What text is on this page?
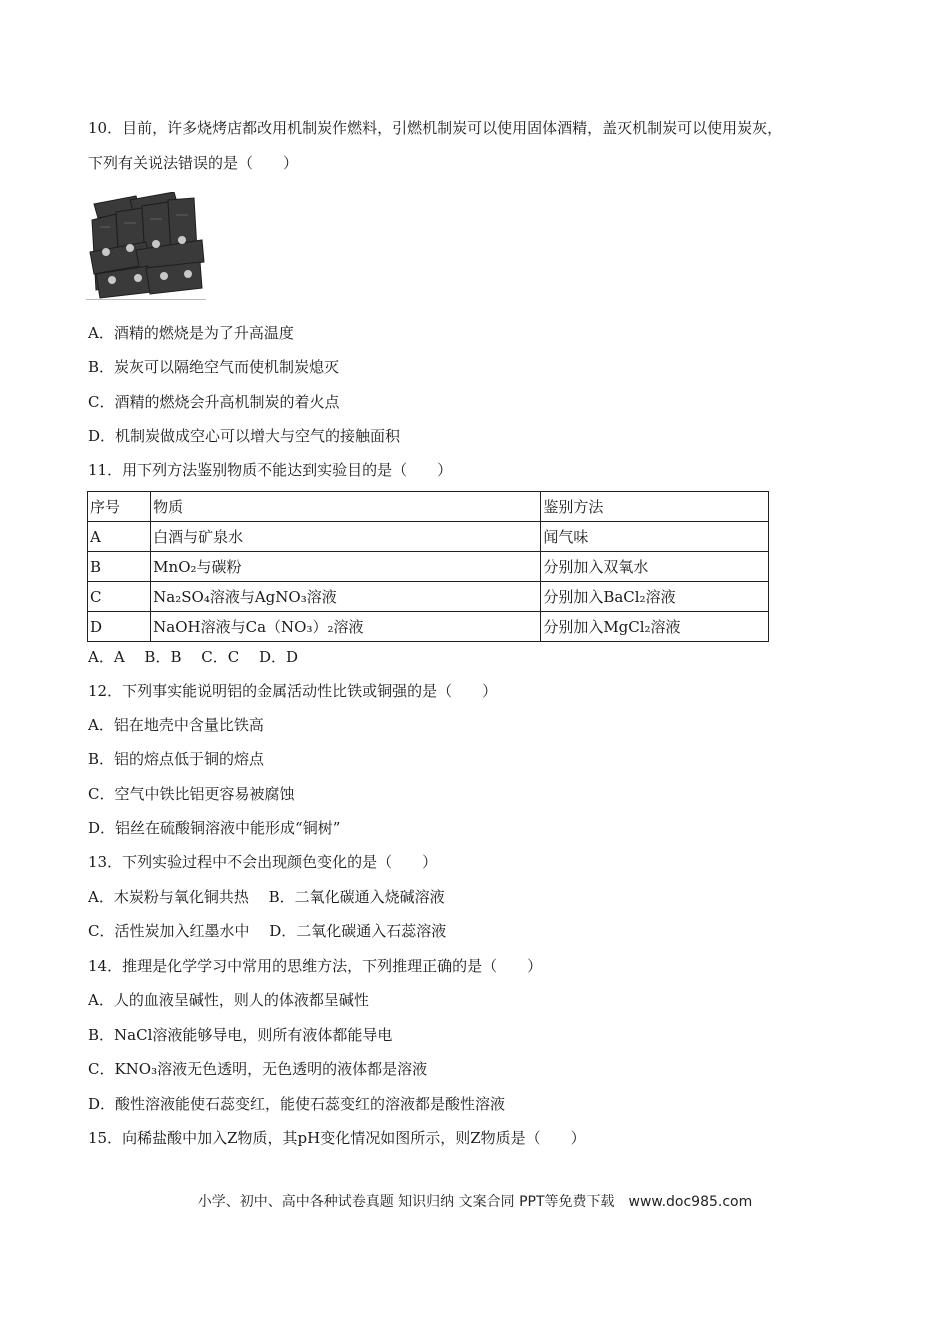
10．目前，许多烧烤店都改用机制炭作燃料，引燃机制炭可以使用固体酒精，盖灭机制炭可以使用炭灰，
下列有关说法错误的是（　　）
A．酒精的燃烧是为了升高温度
B．炭灰可以隔绝空气而使机制炭熄灭
C．酒精的燃烧会升高机制炭的着火点
D．机制炭做成空心可以增大与空气的接触面积
11．用下列方法鉴别物质不能达到实验目的是（　　）
序号	物质	鉴别方法
A	白酒与矿泉水	闻气味
B	MnO₂与碳粉	分别加入双氧水
C	Na₂SO₄溶液与AgNO₃溶液	分别加入BaCl₂溶液
D	NaOH溶液与Ca（NO₃）₂溶液	分别加入MgCl₂溶液
A．A　 B．B　 C．C　 D．D
12．下列事实能说明铝的金属活动性比铁或铜强的是（　　）
A．铝在地壳中含量比铁高
B．铝的熔点低于铜的熔点
C．空气中铁比铝更容易被腐蚀
D．铝丝在硫酸铜溶液中能形成“铜树”
13．下列实验过程中不会出现颜色变化的是（　　）
A．木炭粉与氧化铜共热　 B．二氧化碳通入烧碱溶液
C．活性炭加入红墨水中　 D．二氧化碳通入石蕊溶液
14．推理是化学学习中常用的思维方法，下列推理正确的是（　　）
A．人的血液呈碱性，则人的体液都呈碱性
B．NaCl溶液能够导电，则所有液体都能导电
C．KNO₃溶液无色透明，无色透明的液体都是溶液
D．酸性溶液能使石蕊变红，能使石蕊变红的溶液都是酸性溶液
15．向稀盐酸中加入Z物质，其pH变化情况如图所示，则Z物质是（　　）
小学、初中、高中各种试卷真题 知识归纳 文案合同 PPT等免费下载　www.doc985.com
